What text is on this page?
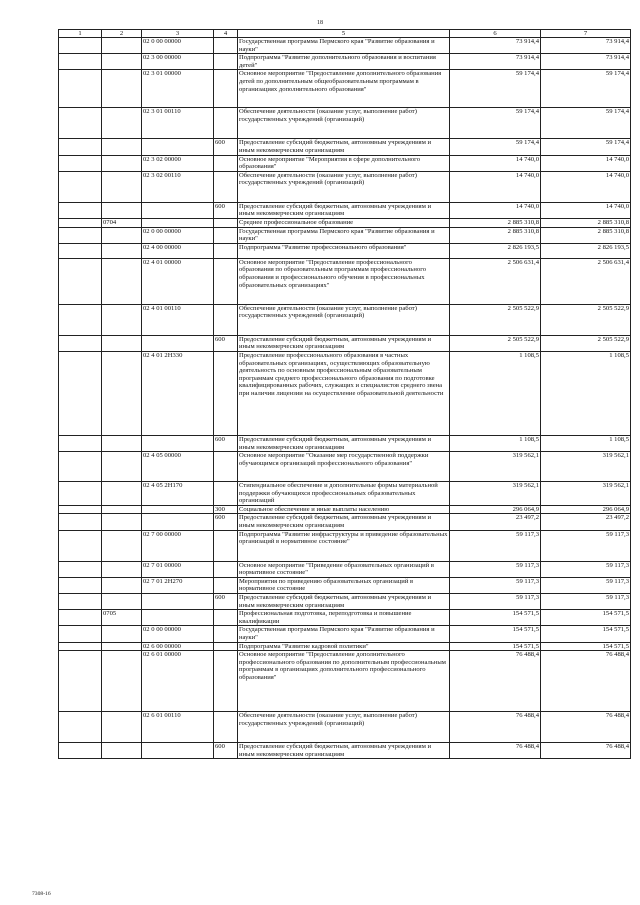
18
1	2	3	4	5	6	7
		02 0 00 00000		Государственная программа Пермского края "Развитие образования и науки"	73 914,4	73 914,4
		02 3 00 00000		Подпрограмма "Развитие дополнительного образования и воспитания детей"	73 914,4	73 914,4
		02 3 01 00000		Основное мероприятие "Предоставление дополнительного образования детей по дополнительным общеобразовательным программам в организациях дополнительного образования"	59 174,4	59 174,4
		02 3 01 00110		Обеспечение деятельности (оказание услуг, выполнение работ) государственных учреждений (организаций)	59 174,4	59 174,4
			600	Предоставление субсидий бюджетным, автономным учреждениям и иным некоммерческим организациям	59 174,4	59 174,4
		02 3 02 00000		Основное мероприятие "Мероприятия в сфере дополнительного образования"	14 740,0	14 740,0
		02 3 02 00110		Обеспечение деятельности (оказание услуг, выполнение работ) государственных учреждений (организаций)	14 740,0	14 740,0
			600	Предоставление субсидий бюджетным, автономным учреждениям и иным некоммерческим организациям	14 740,0	14 740,0
	0704			Среднее профессиональное образование	2 885 310,8	2 885 310,8
		02 0 00 00000		Государственная программа Пермского края "Развитие образования и науки"	2 885 310,8	2 885 310,8
		02 4 00 00000		Подпрограмма "Развитие профессионального образования"	2 826 193,5	2 826 193,5
		02 4 01 00000		Основное мероприятие "Предоставление профессионального образования по образовательным программам профессионального образования и профессионального обучения в профессиональных образовательных организациях"	2 506 631,4	2 506 631,4
		02 4 01 00110		Обеспечение деятельности (оказание услуг, выполнение работ) государственных учреждений (организаций)	2 505 522,9	2 505 522,9
			600	Предоставление субсидий бюджетным, автономным учреждениям и иным некоммерческим организациям	2 505 522,9	2 505 522,9
		02 4 01 2Н330		Предоставление профессионального образования в частных образовательных организациях, осуществляющих образовательную деятельность по основным профессиональным образовательным программам среднего профессионального образования по подготовке квалифицированных рабочих, служащих и специалистов среднего звена при наличии лицензии на осуществление образовательной деятельности	1 108,5	1 108,5
			600	Предоставление субсидий бюджетным, автономным учреждениям и иным некоммерческим организациям	1 108,5	1 108,5
		02 4 05 00000		Основное мероприятие "Оказание мер государственной поддержки обучающимся организаций профессионального образования"	319 562,1	319 562,1
		02 4 05 2Н170		Стипендиальное обеспечение и дополнительные формы материальной поддержки обучающихся профессиональных образовательных организаций	319 562,1	319 562,1
			300	Социальное обеспечение и иные выплаты населению	296 064,9	296 064,9
			600	Предоставление субсидий бюджетным, автономным учреждениям и иным некоммерческим организациям	23 497,2	23 497,2
		02 7 00 00000		Подпрограмма "Развитие инфраструктуры и приведение образовательных организаций в нормативное состояние"	59 117,3	59 117,3
		02 7 01 00000		Основное мероприятие "Приведение образовательных организаций в нормативное состояние"	59 117,3	59 117,3
		02 7 01 2Н270		Мероприятия по приведению образовательных организаций в нормативное состояние	59 117,3	59 117,3
			600	Предоставление субсидий бюджетным, автономным учреждениям и иным некоммерческим организациям	59 117,3	59 117,3
	0705			Профессиональная подготовка, переподготовка и повышение квалификации	154 571,5	154 571,5
		02 0 00 00000		Государственная программа Пермского края "Развитие образования и науки"	154 571,5	154 571,5
		02 6 00 00000		Подпрограмма "Развитие кадровой политики"	154 571,5	154 571,5
		02 6 01 00000		Основное мероприятие "Предоставление дополнительного профессионального образования по дополнительным профессиональным программам в организациях дополнительного профессионального образования"	76 488,4	76 488,4
		02 6 01 00110		Обеспечение деятельности (оказание услуг, выполнение работ) государственных учреждений (организаций)	76 488,4	76 488,4
			600	Предоставление субсидий бюджетным, автономным учреждениям и иным некоммерческим организациям	76 488,4	76 488,4
7308-16
